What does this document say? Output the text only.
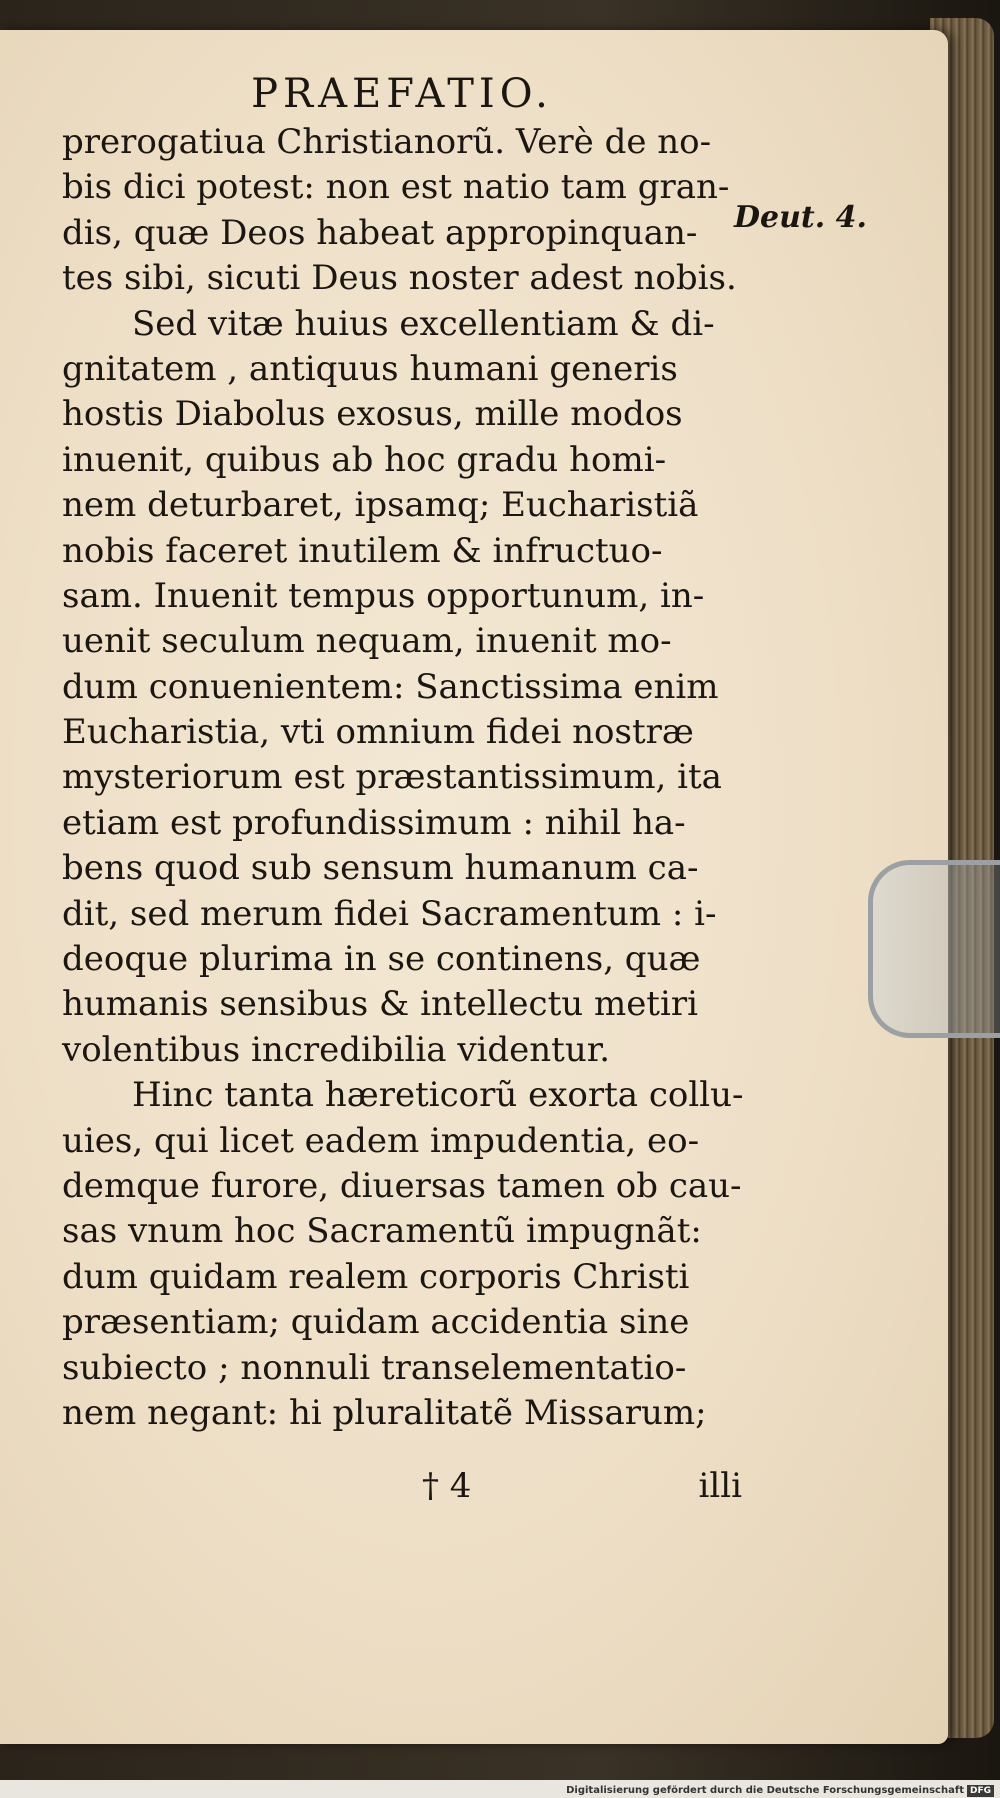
PRAEFATIO.
prerogatiua Christianorũ. Verè de no-
bis dici potest: non est natio tam gran-
dis, quæ Deos habeat appropinquan-
tes sibi, sicuti Deus noster adest nobis.
Sed vitæ huius excellentiam & di-
gnitatem , antiquus humani generis
hostis Diabolus exosus, mille modos
inuenit, quibus ab hoc gradu homi-
nem deturbaret, ipsamq; Eucharistiã
nobis faceret inutilem & infructuo-
sam. Inuenit tempus opportunum, in-
uenit seculum nequam, inuenit mo-
dum conuenientem: Sanctissima enim
Eucharistia, vti omnium fidei nostræ
mysteriorum est præstantissimum, ita
etiam est profundissimum : nihil ha-
bens quod sub sensum humanum ca-
dit, sed merum fidei Sacramentum : i-
deoque plurima in se continens, quæ
humanis sensibus & intellectu metiri
volentibus incredibilia videntur.
Hinc tanta hæreticorũ exorta collu-
uies, qui licet eadem impudentia, eo-
demque furore, diuersas tamen ob cau-
sas vnum hoc Sacramentũ impugnãt:
dum quidam realem corporis Christi
præsentiam; quidam accidentia sine
subiecto ; nonnuli transelementatio-
nem negant: hi pluralitatẽ Missarum;
Deut. 4.
† 4	illi
Digitalisierung gefördert durch die Deutsche Forschungsgemeinschaft DFG
